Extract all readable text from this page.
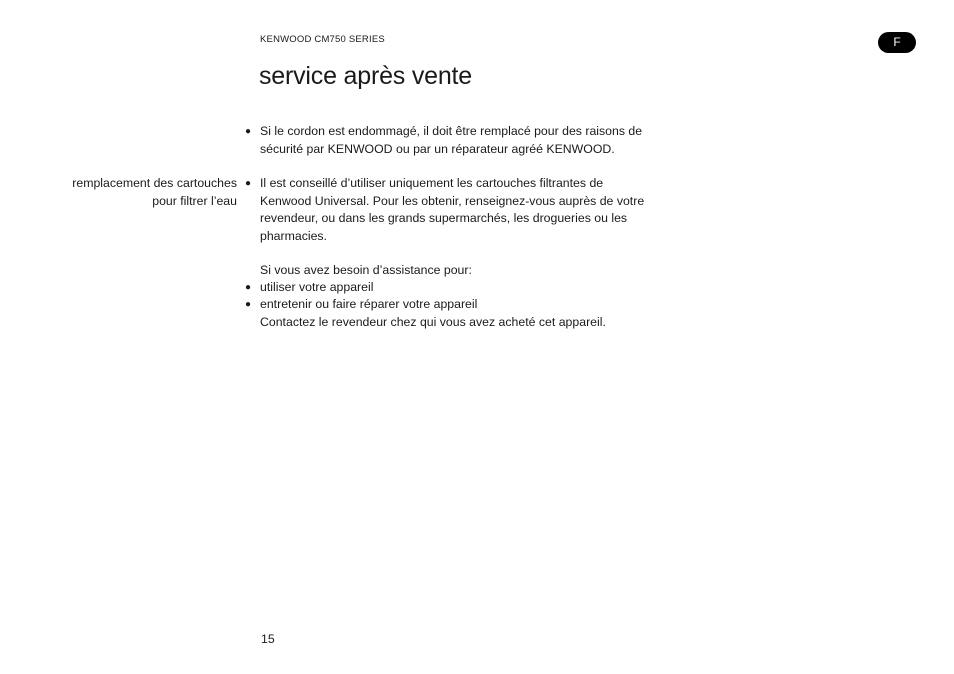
KENWOOD CM750 SERIES	F
service après vente
● Si le cordon est endommagé, il doit être remplacé pour des raisons de
sécurité par KENWOOD ou par un réparateur agréé KENWOOD.
remplacement des cartouches
pour filtrer l’eau
● Il est conseillé d’utiliser uniquement les cartouches filtrantes de
Kenwood Universal. Pour les obtenir, renseignez-vous auprès de votre
revendeur, ou dans les grands supermarchés, les drogueries ou les
pharmacies.
Si vous avez besoin d’assistance pour:
● utiliser votre appareil
● entretenir ou faire réparer votre appareil
Contactez le revendeur chez qui vous avez acheté cet appareil.
15
